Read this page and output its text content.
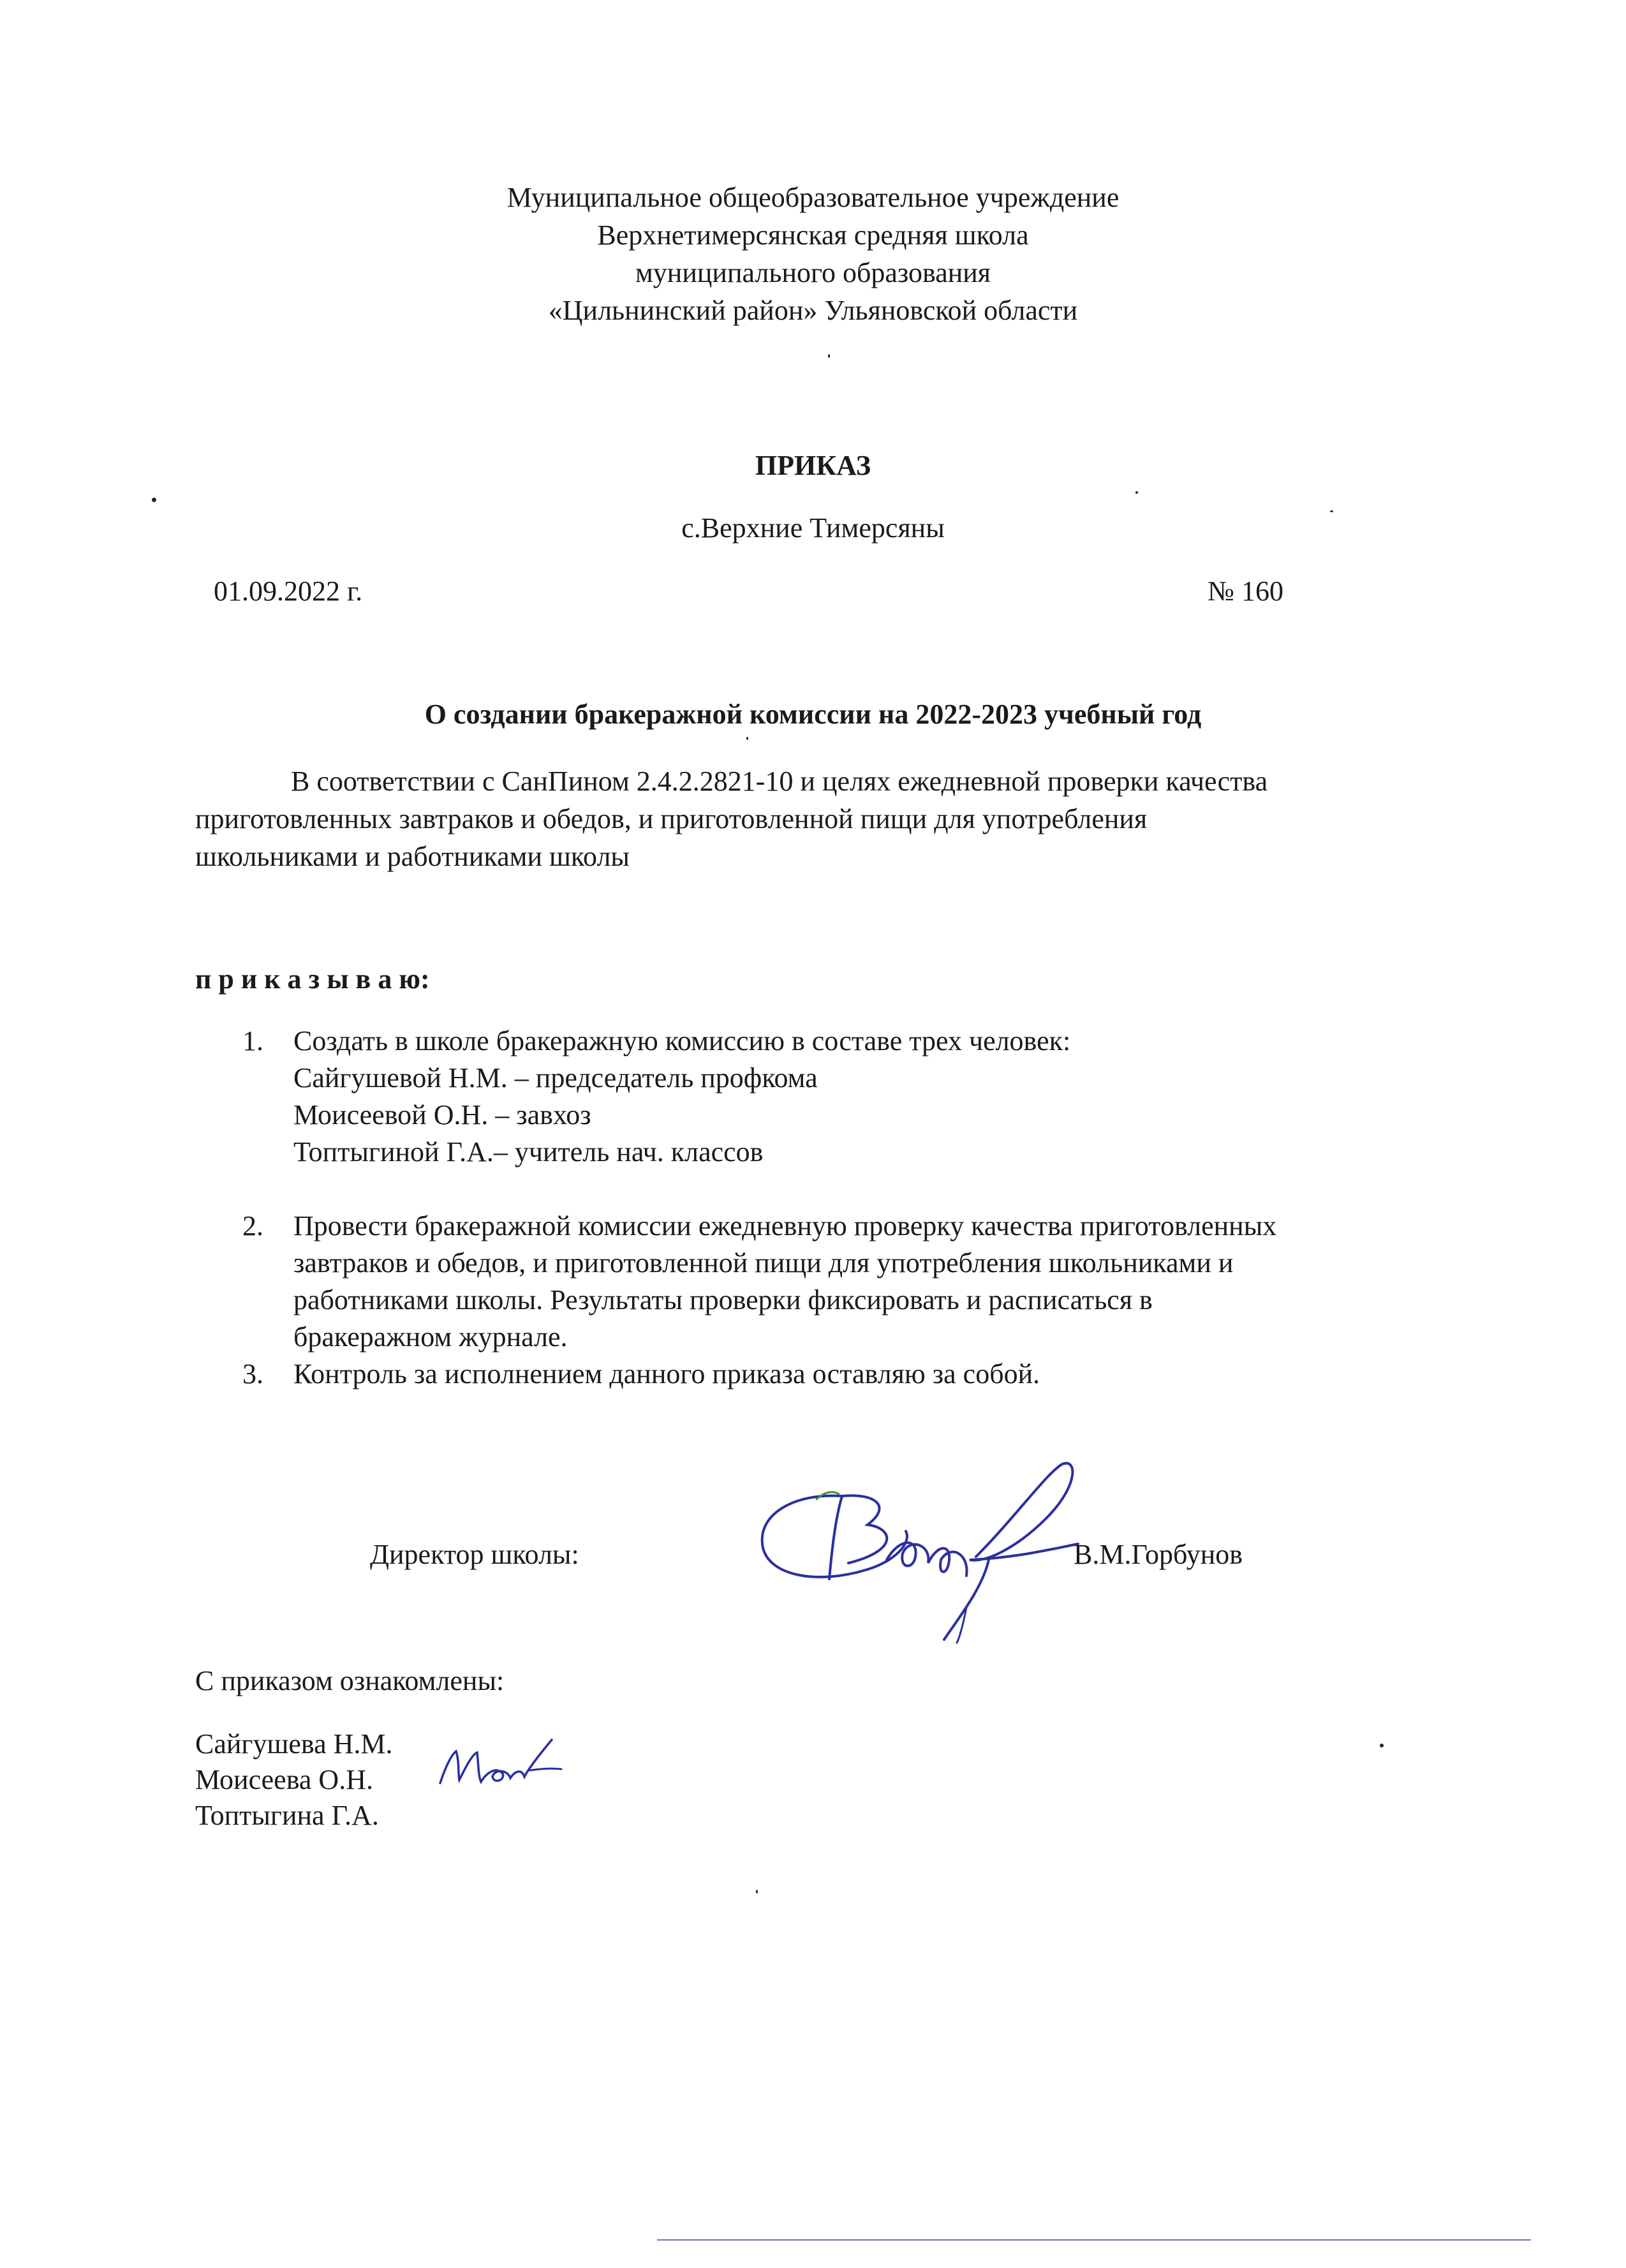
Муниципальное общеобразовательное учреждение
Верхнетимерсянская средняя школа
муниципального образования
«Цильнинский район» Ульяновской области
ПРИКАЗ
с.Верхние Тимерсяны
01.09.2022 г.	№ 160
О создании бракеражной комиссии на 2022-2023 учебный год
В соответствии с СанПином 2.4.2.2821-10 и целях ежедневной проверки качества
приготовленных завтраков и обедов, и приготовленной пищи для употребления
школьниками и работниками школы
п р и к а з ы в а ю:
1. Создать в школе бракеражную комиссию в составе трех человек:
Сайгушевой Н.М. – председатель профкома
Моисеевой О.Н. – завхоз
Топтыгиной Г.А.– учитель нач. классов
2. Провести бракеражной комиссии ежедневную проверку качества приготовленных
завтраков и обедов, и приготовленной пищи для употребления школьниками и
работниками школы. Результаты проверки фиксировать и расписаться в
бракеражном журнале.
3. Контроль за исполнением данного приказа оставляю за собой.
Директор школы:	В.М.Горбунов
С приказом ознакомлены:
Сайгушева Н.М.
Моисеева О.Н.
Топтыгина Г.А.
